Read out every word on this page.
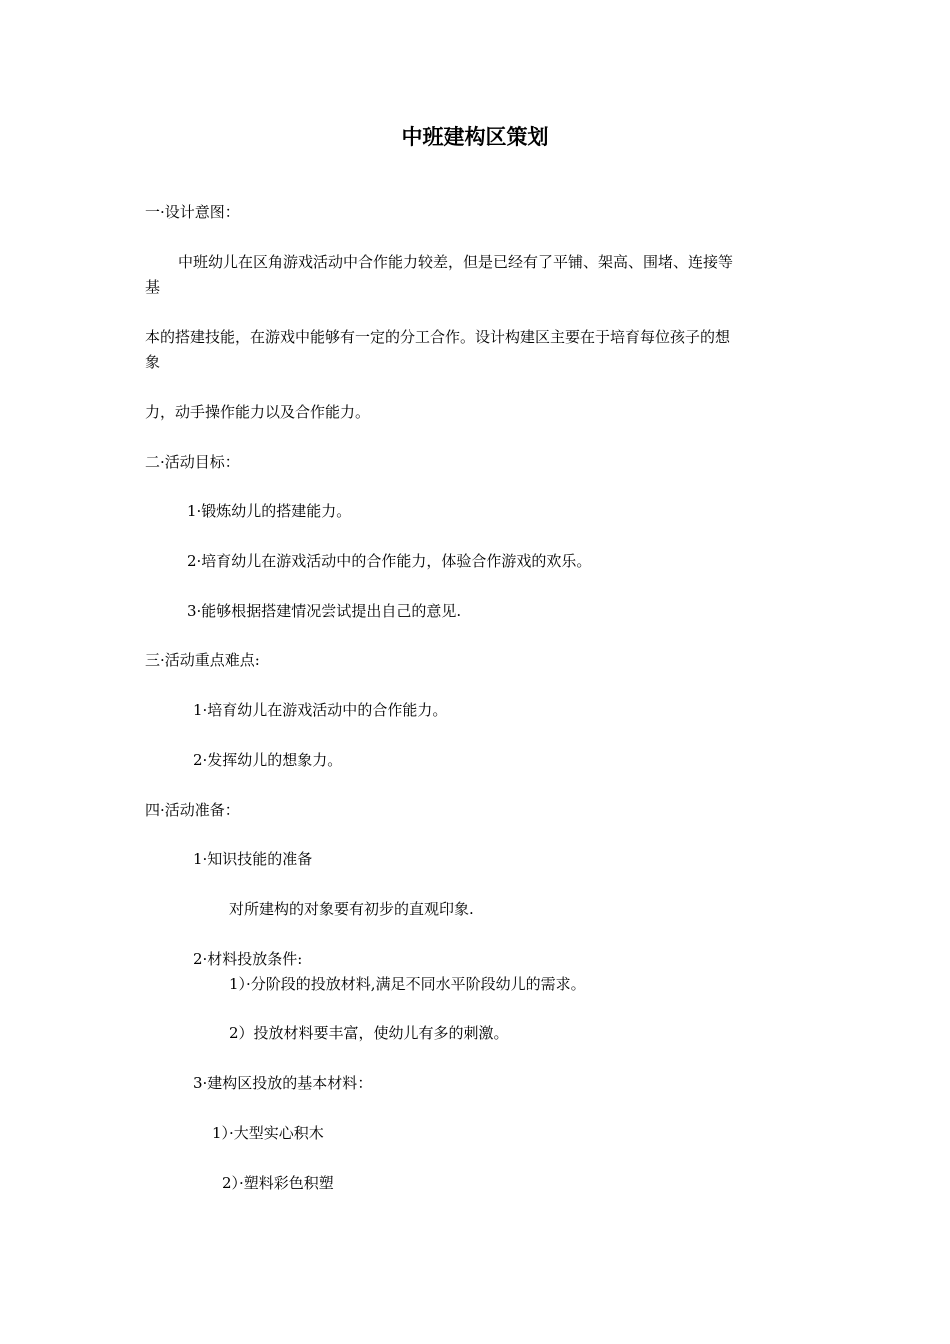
中班建构区策划
一·设计意图：
中班幼儿在区角游戏活动中合作能力较差，但是已经有了平铺、架高、围堵、连接等
基
本的搭建技能，在游戏中能够有一定的分工合作。设计构建区主要在于培育每位孩子的想
象
力，动手操作能力以及合作能力。
二·活动目标：
1·锻炼幼儿的搭建能力。
2·培育幼儿在游戏活动中的合作能力，体验合作游戏的欢乐。
3·能够根据搭建情况尝试提出自己的意见.
三·活动重点难点:
1·培育幼儿在游戏活动中的合作能力。
2·发挥幼儿的想象力。
四·活动准备：
1·知识技能的准备
对所建构的对象要有初步的直观印象.
2·材料投放条件:
1）·分阶段的投放材料,满足不同水平阶段幼儿的需求。
2）投放材料要丰富，使幼儿有多的刺激。
3·建构区投放的基本材料：
1）·大型实心积木
2）·塑料彩色积塑
